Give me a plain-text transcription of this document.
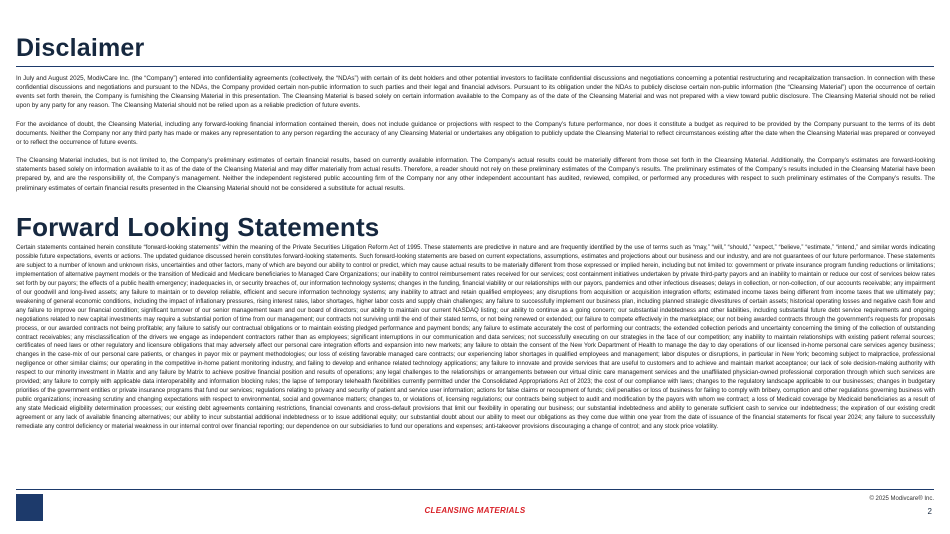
Disclaimer

In July and August 2025, ModivCare Inc. (the “Company”) entered into confidentiality agreements (collectively, the “NDAs”) with certain of its debt holders and other potential investors to facilitate confidential discussions and negotiations concerning a potential restructuring and recapitalization transaction. In connection with these confidential discussions and negotiations and pursuant to the NDAs, the Company provided certain non-public information to such parties and their legal and financial advisors. Pursuant to its obligation under the NDAs to publicly disclose certain non-public information (the “Cleansing Material”) upon the occurrence of certain events set forth therein, the Company is furnishing the Cleansing Material in this presentation. The Cleansing Material is based solely on certain information available to the Company as of the date of the Cleansing Material and was not prepared with a view toward public disclosure. The Cleansing Material should not be relied upon by any party for any reason. The Cleansing Material should not be relied upon as a reliable prediction of future events.

For the avoidance of doubt, the Cleansing Material, including any forward-looking financial information contained therein, does not include guidance or projections with respect to the Company’s future performance, nor does it constitute a budget as required to be provided by the Company pursuant to the terms of its debt documents. Neither the Company nor any third party has made or makes any representation to any person regarding the accuracy of any Cleansing Material or undertakes any obligation to publicly update the Cleansing Material to reflect circumstances existing after the date when the Cleansing Material was prepared or conveyed or to reflect the occurrence of future events.

The Cleansing Material includes, but is not limited to, the Company’s preliminary estimates of certain financial results, based on currently available information. The Company’s actual results could be materially different from those set forth in the Cleansing Material. Additionally, the Company’s estimates are forward-looking statements based solely on information available to it as of the date of the Cleansing Material and may differ materially from actual results. Therefore, a reader should not rely on these preliminary estimates of the Company’s results. The preliminary estimates of the Company’s results included in the Cleansing Material have been prepared by, and are the responsibility of, the Company’s management. Neither the independent registered public accounting firm of the Company nor any other independent accountant has audited, reviewed, compiled, or performed any procedures with respect to such preliminary estimates of the Company’s results. The preliminary estimates of certain financial results presented in the Cleansing Material should not be considered a substitute for actual results.

Forward Looking Statements

Certain statements contained herein constitute “forward-looking statements” within the meaning of the Private Securities Litigation Reform Act of 1995. These statements are predictive in nature and are frequently identified by the use of terms such as “may,” “will,” “should,” “expect,” “believe,” “estimate,” “intend,” and similar words indicating possible future expectations, events or actions. The updated guidance discussed herein constitutes forward-looking statements. Such forward-looking statements are based on current expectations, assumptions, estimates and projections about our business and our industry, and are not guarantees of our future performance. These statements are subject to a number of known and unknown risks, uncertainties and other factors, many of which are beyond our ability to control or predict, which may cause actual results to be materially different from those expressed or implied herein, including but not limited to: government or private insurance program funding reductions or limitations; implementation of alternative payment models or the transition of Medicaid and Medicare beneficiaries to Managed Care Organizations; our inability to control reimbursement rates received for our services; cost containment initiatives undertaken by private third-party payors and an inability to maintain or reduce our cost of services below rates set forth by our payors; the effects of a public health emergency; inadequacies in, or security breaches of, our information technology systems; changes in the funding, financial viability or our relationships with our payors, pandemics and other infectious diseases; delays in collection, or non-collection, of our accounts receivable; any impairment of our goodwill and long-lived assets; any failure to maintain or to develop reliable, efficient and secure information technology systems; any inability to attract and retain qualified employees; any disruptions from acquisition or acquisition integration efforts; estimated income taxes being different from income taxes that we ultimately pay; weakening of general economic conditions, including the impact of inflationary pressures, rising interest rates, labor shortages, higher labor costs and supply chain challenges; any failure to successfully implement our business plan, including planned strategic divestitures of certain assets; historical operating losses and negative cash flow and any failure to improve our financial condition; significant turnover of our senior management team and our board of directors; our ability to maintain our current NASDAQ listing; our ability to continue as a going concern; our substantial indebtedness and other liabilities, including substantial future debt service requirements and ongoing negotiations related to new capital investments may require a substantial portion of time from our management; our contracts not surviving until the end of their stated terms, or not being renewed or extended; our failure to compete effectively in the marketplace; our not being awarded contracts through the government’s requests for proposals process, or our awarded contracts not being profitable; any failure to satisfy our contractual obligations or to maintain existing pledged performance and payment bonds; any failure to estimate accurately the cost of performing our contracts; the extended collection periods and uncertainty concerning the timing of the collection of outstanding contract receivables; any misclassification of the drivers we engage as independent contractors rather than as employees; significant interruptions in our communication and data services; not successfully executing on our strategies in the face of our competition; any inability to maintain relationships with existing patient referral sources; certificates of need laws or other regulatory and licensure obligations that may adversely affect our personal care integration efforts and expansion into new markets; any failure to obtain the consent of the New York Department of Health to manage the day to day operations of our licensed in-home personal care services agency business; changes in the case-mix of our personal care patients, or changes in payor mix or payment methodologies; our loss of existing favorable managed care contracts; our experiencing labor shortages in qualified employees and management; labor disputes or disruptions, in particular in New York; becoming subject to malpractice, professional negligence or other similar claims; our operating in the competitive in-home patient monitoring industry, and failing to develop and enhance related technology applications; any failure to innovate and provide services that are useful to customers and to achieve and maintain market acceptance; our lack of sole decision-making authority with respect to our minority investment in Matrix and any failure by Matrix to achieve positive financial position and results of operations; any legal challenges to the relationships or arrangements between our virtual clinic care management services and the unaffiliated physician-owned professional corporation through which such services are provided; any failure to comply with applicable data interoperability and information blocking rules; the lapse of temporary telehealth flexibilities currently permitted under the Consolidated Appropriations Act of 2023; the cost of our compliance with laws; changes to the regulatory landscape applicable to our businesses; changes in budgetary priorities of the government entities or private insurance programs that fund our services; regulations relating to privacy and security of patient and service user information; actions for false claims or recoupment of funds; civil penalties or loss of business for failing to comply with bribery, corruption and other regulations governing business with public organizations; increasing scrutiny and changing expectations with respect to environmental, social and governance matters; changes to, or violations of, licensing regulations; our contracts being subject to audit and modification by the payors with whom we contract; a loss of Medicaid coverage by Medicaid beneficiaries as a result of any state Medicaid eligibility determination processes; our existing debt agreements containing restrictions, financial covenants and cross-default provisions that limit our flexibility in operating our business; our substantial indebtedness and ability to generate sufficient cash to service our indebtedness; the expiration of our existing credit agreement or any lack of available financing alternatives; our ability to incur substantial additional indebtedness or to issue additional equity; our substantial doubt about our ability to meet our obligations as they come due within one year from the date of issuance of the financial statements for fiscal year 2024; any failure to successfully remediate any control deficiency or material weakness in our internal control over financial reporting; our dependence on our subsidiaries to fund our operations and expenses; anti-takeover provisions discouraging a change of control; and any stock price volatility.

CLEANSING MATERIALS
© 2025 Modivcare® Inc.
2
